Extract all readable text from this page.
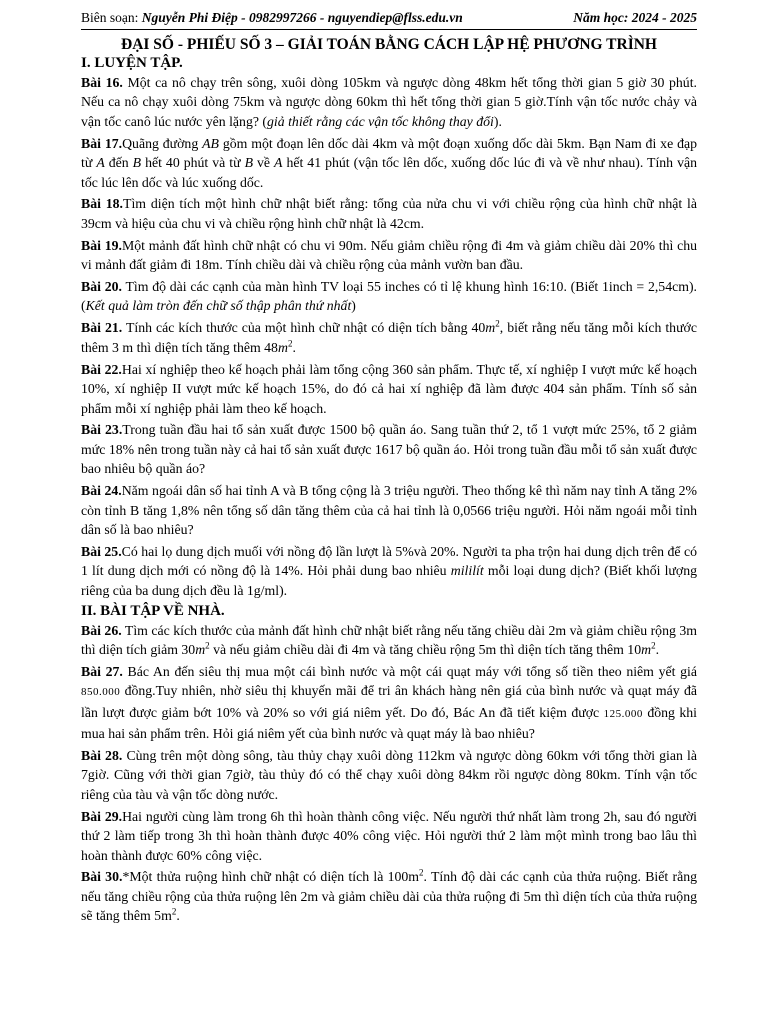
Biên soạn: Nguyễn Phi Điệp - 0982997266 - nguyendiep@flss.edu.vn	Năm học: 2024 - 2025
ĐẠI SỐ - PHIẾU SỐ 3 – GIẢI TOÁN BẰNG CÁCH LẬP HỆ PHƯƠNG TRÌNH
I. LUYỆN TẬP.
Bài 16. Một ca nô chạy trên sông, xuôi dòng 105km và ngược dòng 48km hết tổng thời gian 5 giờ 30 phút. Nếu ca nô chạy xuôi dòng 75km và ngược dòng 60km thì hết tổng thời gian 5 giờ.Tính vận tốc nước chảy và vận tốc canô lúc nước yên lặng? (giả thiết rằng các vận tốc không thay đổi).
Bài 17.Quãng đường AB gồm một đoạn lên dốc dài 4km và một đoạn xuống dốc dài 5km. Bạn Nam đi xe đạp từ A đến B hết 40 phút và từ B về A hết 41 phút (vận tốc lên dốc, xuống dốc lúc đi và về như nhau). Tính vận tốc lúc lên dốc và lúc xuống dốc.
Bài 18.Tìm diện tích một hình chữ nhật biết rằng: tổng của nửa chu vi với chiều rộng của hình chữ nhật là 39cm và hiệu của chu vi và chiều rộng hình chữ nhật là 42cm.
Bài 19.Một mảnh đất hình chữ nhật có chu vi 90m. Nếu giảm chiều rộng đi 4m và giảm chiều dài 20% thì chu vi mảnh đất giảm đi 18m. Tính chiều dài và chiều rộng của mảnh vườn ban đầu.
Bài 20. Tìm độ dài các cạnh của màn hình TV loại 55 inches có tỉ lệ khung hình 16:10. (Biết 1inch = 2,54cm). (Kết quả làm tròn đến chữ số thập phân thứ nhất)
Bài 21. Tính các kích thước của một hình chữ nhật có diện tích bằng $40m^2$, biết rằng nếu tăng mỗi kích thước thêm 3 m thì diện tích tăng thêm $48m^2$.
Bài 22.Hai xí nghiệp theo kế hoạch phải làm tổng cộng 360 sản phẩm. Thực tế, xí nghiệp I vượt mức kế hoạch 10%, xí nghiệp II vượt mức kế hoạch 15%, do đó cả hai xí nghiệp đã làm được 404 sản phẩm. Tính số sản phẩm mỗi xí nghiệp phải làm theo kế hoạch.
Bài 23.Trong tuần đầu hai tổ sản xuất được 1500 bộ quần áo. Sang tuần thứ 2, tổ 1 vượt mức 25%, tổ 2 giảm mức 18% nên trong tuần này cả hai tổ sản xuất được 1617 bộ quần áo. Hỏi trong tuần đầu mỗi tổ sản xuất được bao nhiêu bộ quần áo?
Bài 24.Năm ngoái dân số hai tỉnh A và B tổng cộng là 3 triệu người. Theo thống kê thì năm nay tỉnh A tăng 2% còn tỉnh B tăng 1,8% nên tổng số dân tăng thêm của cả hai tỉnh là 0,0566 triệu người. Hỏi năm ngoái mỗi tỉnh dân số là bao nhiêu?
Bài 25.Có hai lọ dung dịch muối với nồng độ lần lượt là 5%và 20%. Người ta pha trộn hai dung dịch trên để có 1 lít dung dịch mới có nồng độ là 14%. Hỏi phải dung bao nhiêu mililít mỗi loại dung dịch? (Biết khối lượng riêng của ba dung dịch đều là 1g/ml).
II. BÀI TẬP VỀ NHÀ.
Bài 26. Tìm các kích thước của mảnh đất hình chữ nhật biết rằng nếu tăng chiều dài 2m và giảm chiều rộng 3m thì diện tích giảm $30m^2$ và nếu giảm chiều dài đi 4m và tăng chiều rộng 5m thì diện tích tăng thêm $10m^2$.
Bài 27. Bác An đến siêu thị mua một cái bình nước và một cái quạt máy với tổng số tiền theo niêm yết giá 850.000 đồng.Tuy nhiên, nhờ siêu thị khuyến mãi để tri ân khách hàng nên giá của bình nước và quạt máy đã lần lượt được giảm bớt 10% và 20% so với giá niêm yết. Do đó, Bác An đã tiết kiệm được 125.000 đồng khi mua hai sản phẩm trên. Hỏi giá niêm yết của bình nước và quạt máy là bao nhiêu?
Bài 28. Cùng trên một dòng sông, tàu thủy chạy xuôi dòng 112km và ngược dòng 60km với tổng thời gian là 7giờ. Cũng với thời gian 7giờ, tàu thủy đó có thể chạy xuôi dòng 84km rồi ngược dòng 80km. Tính vận tốc riêng của tàu và vận tốc dòng nước.
Bài 29.Hai người cùng làm trong 6h thì hoàn thành công việc. Nếu người thứ nhất làm trong 2h, sau đó người thứ 2 làm tiếp trong 3h thì hoàn thành được 40% công việc. Hỏi người thứ 2 làm một mình trong bao lâu thì hoàn thành được 60% công việc.
Bài 30.*Một thửa ruộng hình chữ nhật có diện tích là $100m^2$. Tính độ dài các cạnh của thửa ruộng. Biết rằng nếu tăng chiều rộng của thửa ruộng lên 2m và giảm chiều dài của thửa ruộng đi 5m thì diện tích của thửa ruộng sẽ tăng thêm $5m^2$.
